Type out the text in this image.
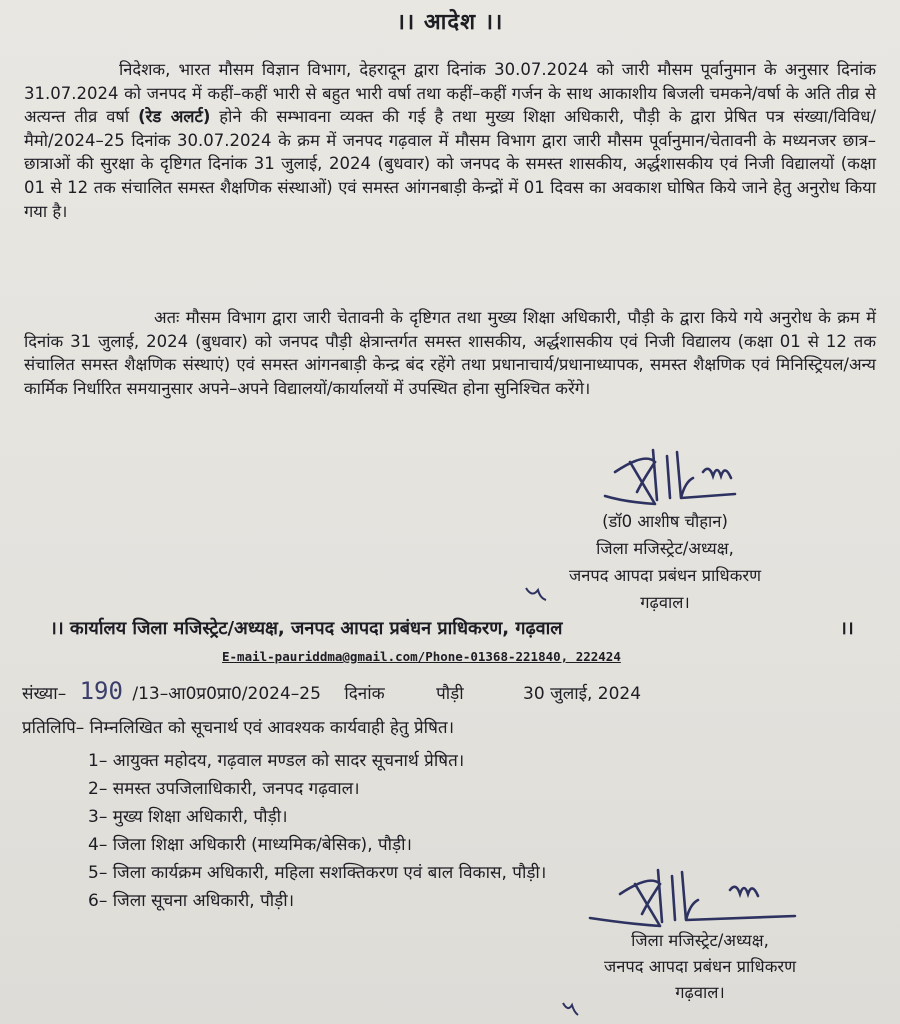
।। आदेश ।।
निदेशक, भारत मौसम विज्ञान विभाग, देहरादून द्वारा दिनांक 30.07.2024 को जारी मौसम पूर्वानुमान के अनुसार दिनांक 31.07.2024 को जनपद में कहीं–कहीं भारी से बहुत भारी वर्षा तथा कहीं–कहीं गर्जन के साथ आकाशीय बिजली चमकने/वर्षा के अति तीव्र से अत्यन्त तीव्र वर्षा (रेड अलर्ट) होने की सम्भावना व्यक्त की गई है तथा मुख्य शिक्षा अधिकारी, पौड़ी के द्वारा प्रेषित पत्र संख्या/विविध/मैमो/2024–25 दिनांक 30.07.2024 के क्रम में जनपद गढ़वाल में मौसम विभाग द्वारा जारी मौसम पूर्वानुमान/चेतावनी के मध्यनजर छात्र–छात्राओं की सुरक्षा के दृष्टिगत दिनांक 31 जुलाई, 2024 (बुधवार) को जनपद के समस्त शासकीय, अर्द्धशासकीय एवं निजी विद्यालयों (कक्षा 01 से 12 तक संचालित समस्त शैक्षणिक संस्थाओं) एवं समस्त आंगनबाड़ी केन्द्रों में 01 दिवस का अवकाश घोषित किये जाने हेतु अनुरोध किया गया है।
अतः मौसम विभाग द्वारा जारी चेतावनी के दृष्टिगत तथा मुख्य शिक्षा अधिकारी, पौड़ी के द्वारा किये गये अनुरोध के क्रम में दिनांक 31 जुलाई, 2024 (बुधवार) को जनपद पौड़ी क्षेत्रान्तर्गत समस्त शासकीय, अर्द्धशासकीय एवं निजी विद्यालय (कक्षा 01 से 12 तक संचालित समस्त शैक्षणिक संस्थाएं) एवं समस्त आंगनबाड़ी केन्द्र बंद रहेंगे तथा प्रधानाचार्य/प्रधानाध्यापक, समस्त शैक्षणिक एवं मिनिस्ट्रियल/अन्य कार्मिक निर्धारित समयानुसार अपने–अपने विद्यालयों/कार्यालयों में उपस्थित होना सुनिश्चित करेंगे।
(डॉ0 आशीष चौहान)
जिला मजिस्ट्रेट/अध्यक्ष,
जनपद आपदा प्रबंधन प्राधिकरण
गढ़वाल।
।। कार्यालय जिला मजिस्ट्रेट/अध्यक्ष, जनपद आपदा प्रबंधन प्राधिकरण, गढ़वाल	।।
E-mail-pauriddma@gmail.com/Phone-01368-221840, 222424
संख्या– 190 /13–आ0प्र0प्रा0/2024–25 दिनांक	पौड़ी	30 जुलाई, 2024
प्रतिलिपि– निम्नलिखित को सूचनार्थ एवं आवश्यक कार्यवाही हेतु प्रेषित।
1– आयुक्त महोदय, गढ़वाल मण्डल को सादर सूचनार्थ प्रेषित।
2– समस्त उपजिलाधिकारी, जनपद गढ़वाल।
3– मुख्य शिक्षा अधिकारी, पौड़ी।
4– जिला शिक्षा अधिकारी (माध्यमिक/बेसिक), पौड़ी।
5– जिला कार्यक्रम अधिकारी, महिला सशक्तिकरण एवं बाल विकास, पौड़ी।
6– जिला सूचना अधिकारी, पौड़ी।
जिला मजिस्ट्रेट/अध्यक्ष,
जनपद आपदा प्रबंधन प्राधिकरण
गढ़वाल।
